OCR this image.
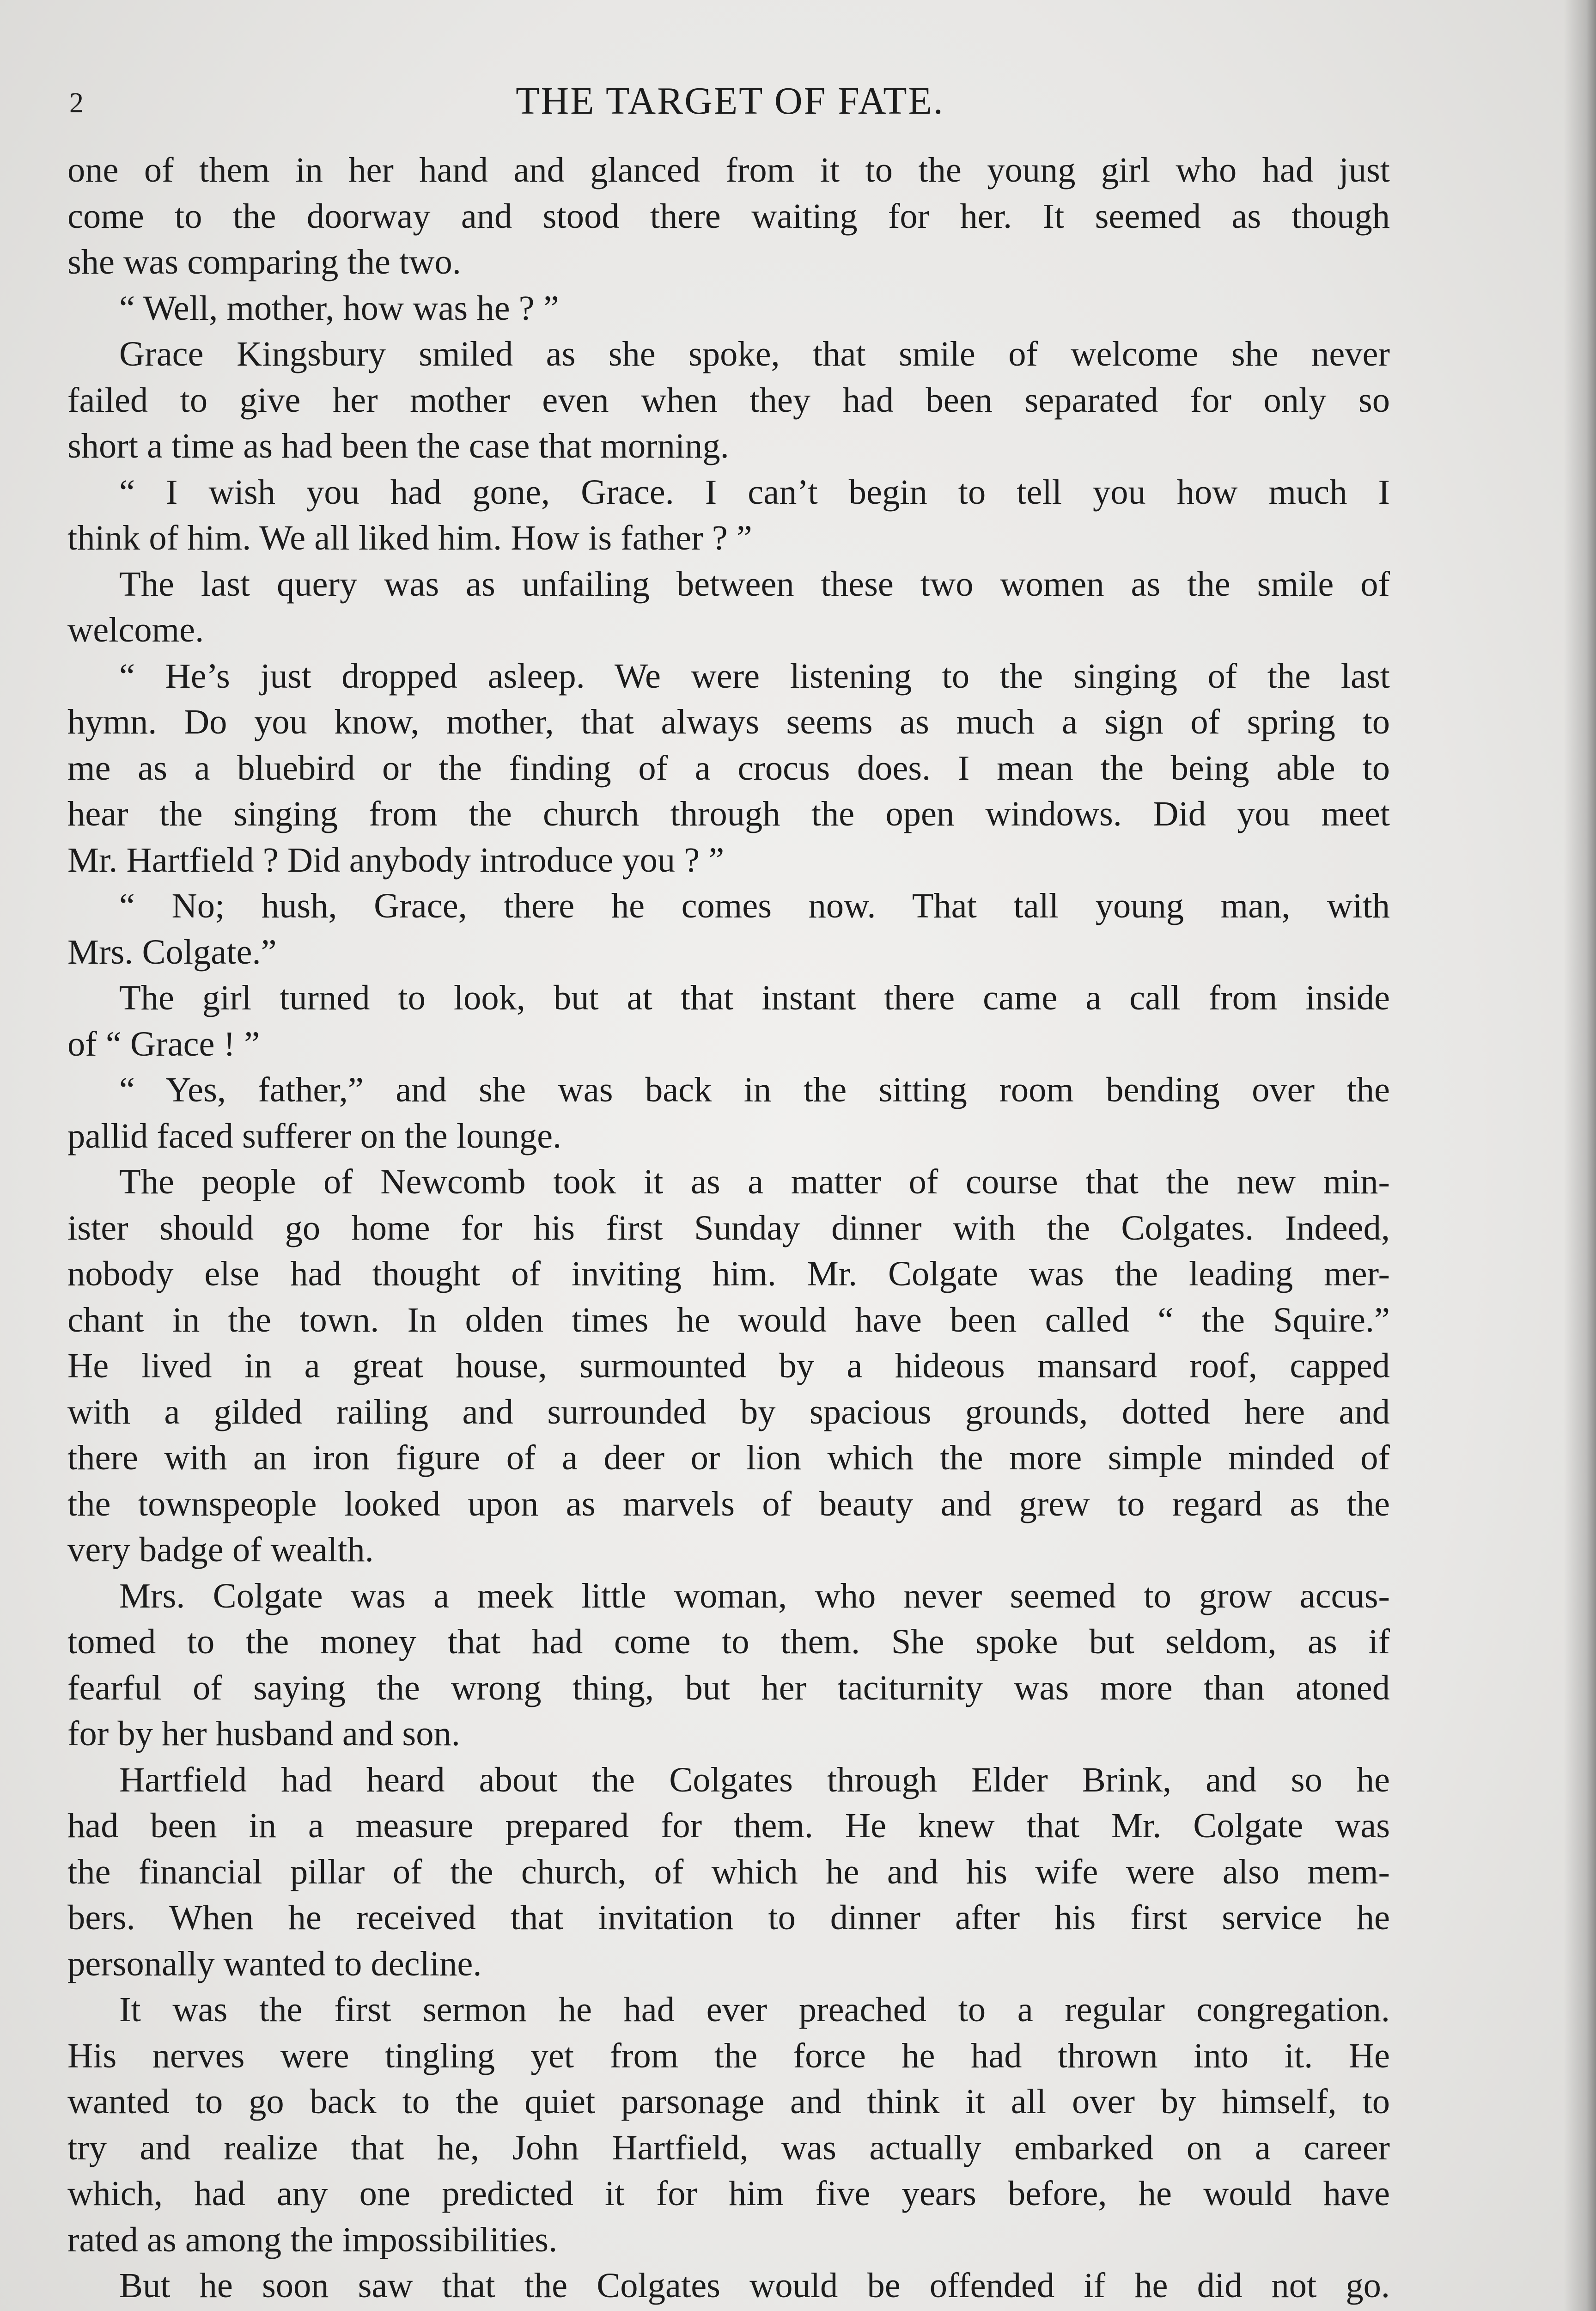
2	THE TARGET OF FATE.

one of them in her hand and glanced from it to the young girl who had just

come to the doorway and stood there waiting for her. It seemed as though

she was comparing the two.

“ Well, mother, how was he ? ”

Grace Kingsbury smiled as she spoke, that smile of welcome she never

failed to give her mother even when they had been separated for only so

short a time as had been the case that morning.

“ I wish you had gone, Grace. I can’t begin to tell you how much I

think of him. We all liked him. How is father ? ”

The last query was as unfailing between these two women as the smile of

welcome.

“ He’s just dropped asleep. We were listening to the singing of the last

hymn. Do you know, mother, that always seems as much a sign of spring to

me as a bluebird or the finding of a crocus does. I mean the being able to

hear the singing from the church through the open windows. Did you meet

Mr. Hartfield ? Did anybody introduce you ? ”

“ No; hush, Grace, there he comes now. That tall young man, with

Mrs. Colgate.”

The girl turned to look, but at that instant there came a call from inside

of “ Grace ! ”

“ Yes, father,” and she was back in the sitting room bending over the

pallid faced sufferer on the lounge.

The people of Newcomb took it as a matter of course that the new min-

ister should go home for his first Sunday dinner with the Colgates. Indeed,

nobody else had thought of inviting him. Mr. Colgate was the leading mer-

chant in the town. In olden times he would have been called “ the Squire.”

He lived in a great house, surmounted by a hideous mansard roof, capped

with a gilded railing and surrounded by spacious grounds, dotted here and

there with an iron figure of a deer or lion which the more simple minded of

the townspeople looked upon as marvels of beauty and grew to regard as the

very badge of wealth.

Mrs. Colgate was a meek little woman, who never seemed to grow accus-

tomed to the money that had come to them. She spoke but seldom, as if

fearful of saying the wrong thing, but her taciturnity was more than atoned

for by her husband and son.

Hartfield had heard about the Colgates through Elder Brink, and so he

had been in a measure prepared for them. He knew that Mr. Colgate was

the financial pillar of the church, of which he and his wife were also mem-

bers. When he received that invitation to dinner after his first service he

personally wanted to decline.

It was the first sermon he had ever preached to a regular congregation.

His nerves were tingling yet from the force he had thrown into it. He

wanted to go back to the quiet parsonage and think it all over by himself, to

try and realize that he, John Hartfield, was actually embarked on a career

which, had any one predicted it for him five years before, he would have

rated as among the impossibilities.

But he soon saw that the Colgates would be offended if he did not go.
